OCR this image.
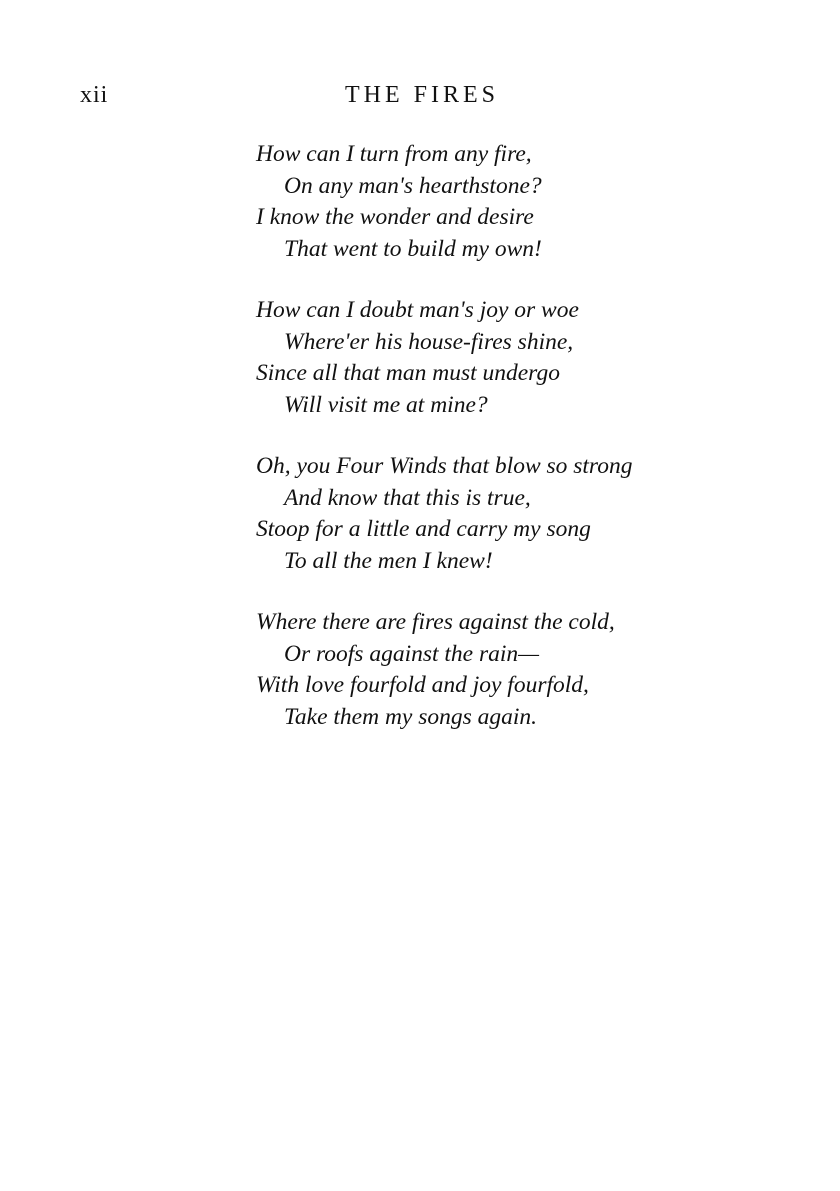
xii	THE FIRES
How can I turn from any fire,
On any man's hearthstone?
I know the wonder and desire
That went to build my own!
How can I doubt man's joy or woe
Where'er his house-fires shine,
Since all that man must undergo
Will visit me at mine?
Oh, you Four Winds that blow so strong
And know that this is true,
Stoop for a little and carry my song
To all the men I knew!
Where there are fires against the cold,
Or roofs against the rain—
With love fourfold and joy fourfold,
Take them my songs again.
